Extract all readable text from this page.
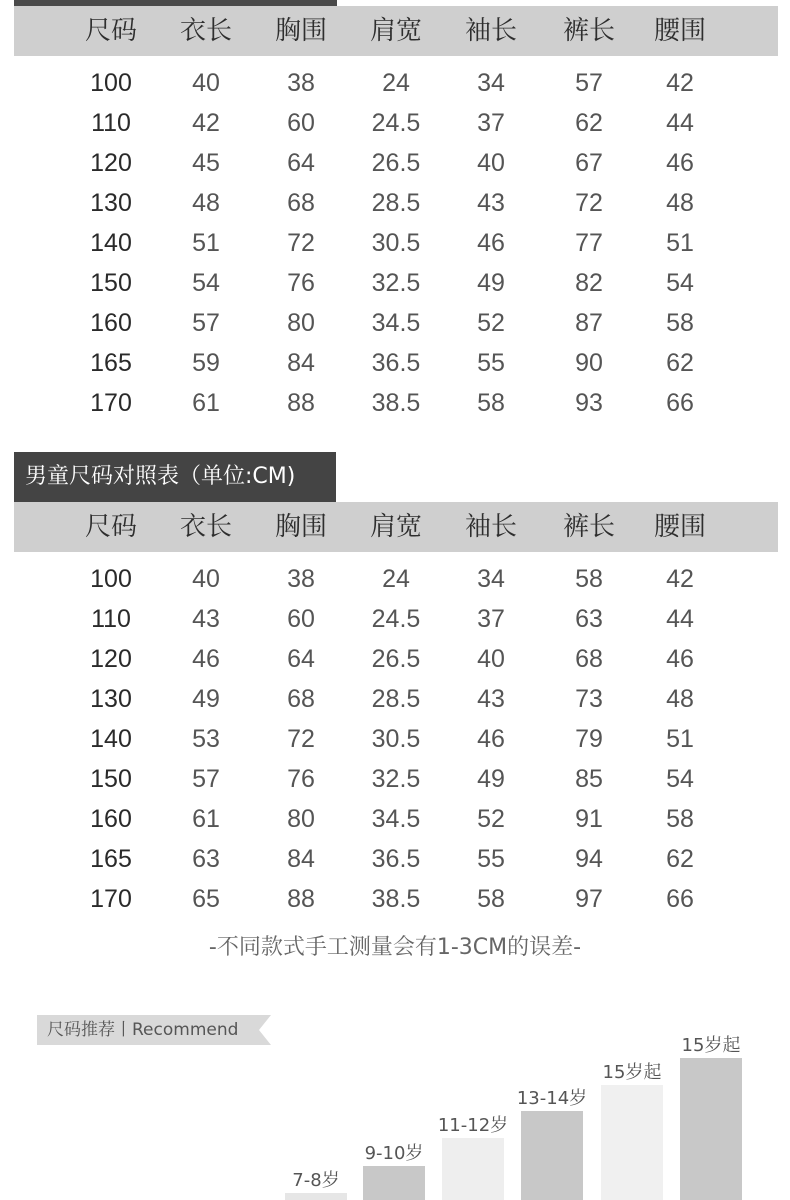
尺码	衣长	胸围	肩宽	袖长	裤长	腰围
100	40	38	24	34	57	42
110	42	60	24.5	37	62	44
120	45	64	26.5	40	67	46
130	48	68	28.5	43	72	48
140	51	72	30.5	46	77	51
150	54	76	32.5	49	82	54
160	57	80	34.5	52	87	58
165	59	84	36.5	55	90	62
170	61	88	38.5	58	93	66
男童尺码对照表（单位:CM)
尺码	衣长	胸围	肩宽	袖长	裤长	腰围
100	40	38	24	34	58	42
110	43	60	24.5	37	63	44
120	46	64	26.5	40	68	46
130	49	68	28.5	43	73	48
140	53	72	30.5	46	79	51
150	57	76	32.5	49	85	54
160	61	80	34.5	52	91	58
165	63	84	36.5	55	94	62
170	65	88	38.5	58	97	66
-不同款式手工测量会有1-3CM的误差-
尺码推荐丨Recommend
7-8岁
9-10岁
11-12岁
13-14岁
15岁起
15岁起
